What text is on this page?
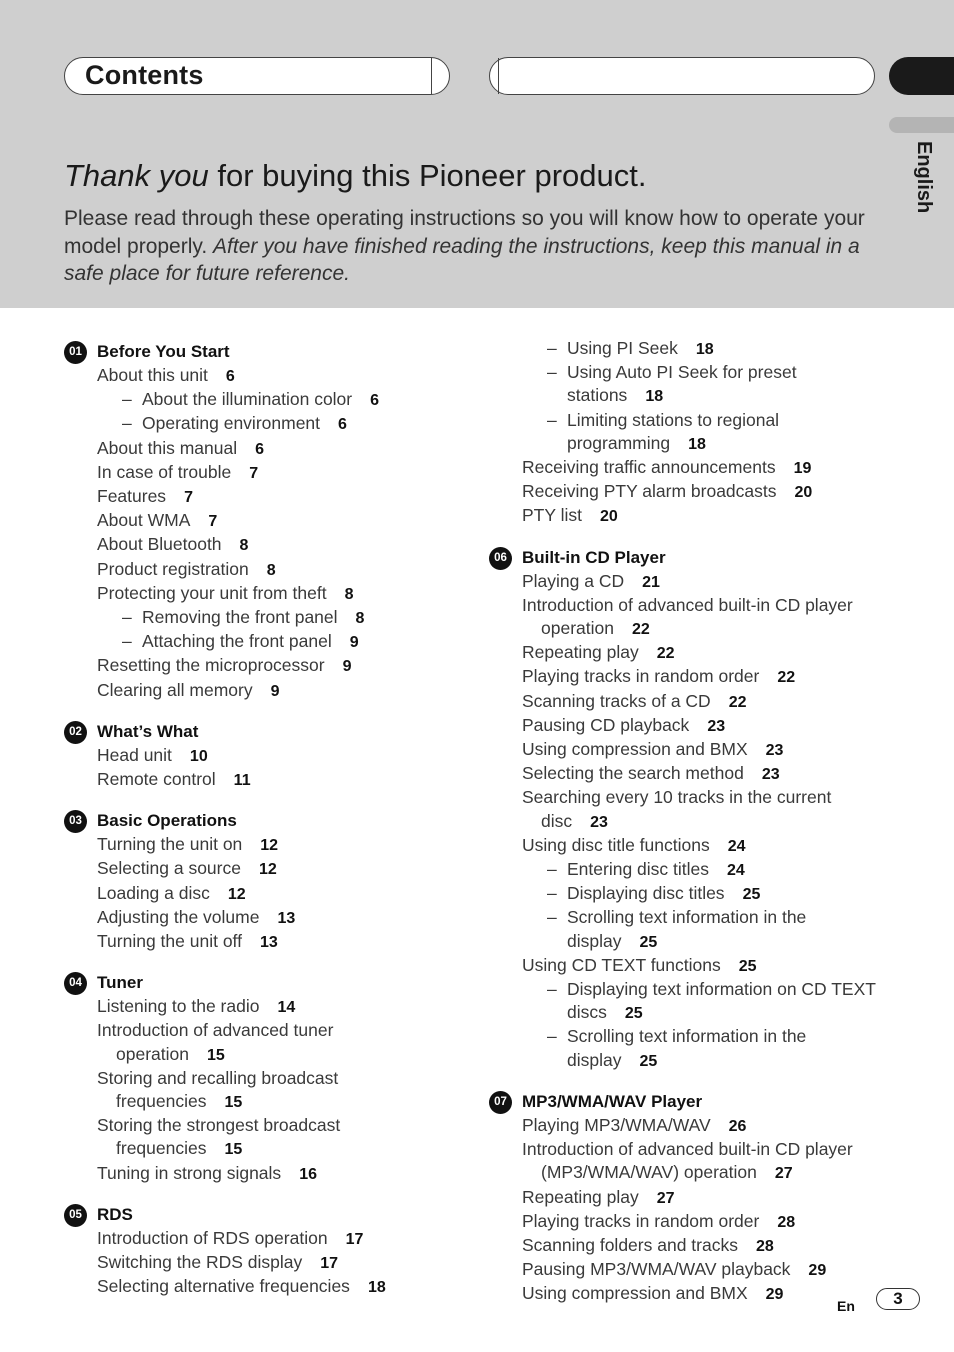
Contents
English
Thank you for buying this Pioneer product.
Please read through these operating instructions so you will know how to operate your model properly. After you have finished reading the instructions, keep this manual in a safe place for future reference.
01 Before You Start
About this unit 6
– About the illumination color 6
– Operating environment 6
About this manual 6
In case of trouble 7
Features 7
About WMA 7
About Bluetooth 8
Product registration 8
Protecting your unit from theft 8
– Removing the front panel 8
– Attaching the front panel 9
Resetting the microprocessor 9
Clearing all memory 9
02 What’s What
Head unit 10
Remote control 11
03 Basic Operations
Turning the unit on 12
Selecting a source 12
Loading a disc 12
Adjusting the volume 13
Turning the unit off 13
04 Tuner
Listening to the radio 14
Introduction of advanced tuner
operation 15
Storing and recalling broadcast
frequencies 15
Storing the strongest broadcast
frequencies 15
Tuning in strong signals 16
05 RDS
Introduction of RDS operation 17
Switching the RDS display 17
Selecting alternative frequencies 18
– Using PI Seek 18
– Using Auto PI Seek for preset
stations 18
– Limiting stations to regional
programming 18
Receiving traffic announcements 19
Receiving PTY alarm broadcasts 20
PTY list 20
06 Built-in CD Player
Playing a CD 21
Introduction of advanced built-in CD player
operation 22
Repeating play 22
Playing tracks in random order 22
Scanning tracks of a CD 22
Pausing CD playback 23
Using compression and BMX 23
Selecting the search method 23
Searching every 10 tracks in the current
disc 23
Using disc title functions 24
– Entering disc titles 24
– Displaying disc titles 25
– Scrolling text information in the
display 25
Using CD TEXT functions 25
– Displaying text information on CD TEXT
discs 25
– Scrolling text information in the
display 25
07 MP3/WMA/WAV Player
Playing MP3/WMA/WAV 26
Introduction of advanced built-in CD player
(MP3/WMA/WAV) operation 27
Repeating play 27
Playing tracks in random order 28
Scanning folders and tracks 28
Pausing MP3/WMA/WAV playback 29
Using compression and BMX 29
En	3
